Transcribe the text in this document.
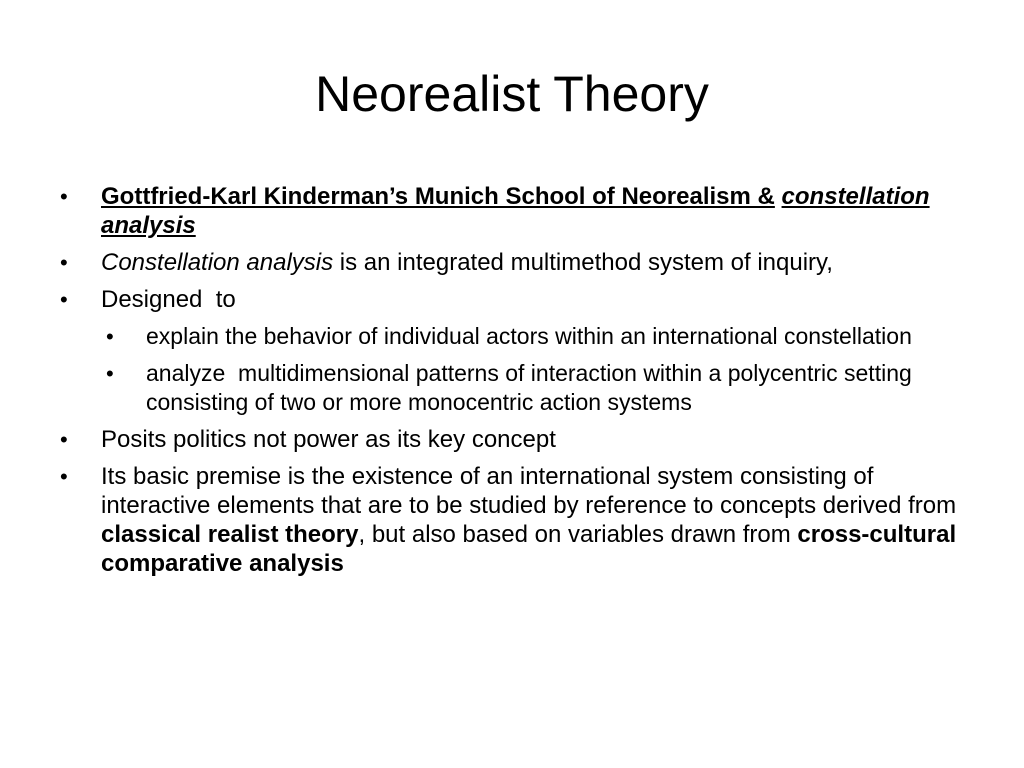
Neorealist Theory
• Gottfried-Karl Kinderman’s Munich School of Neorealism & constellation analysis
• Constellation analysis is an integrated multimethod system of inquiry,
• Designed  to
• explain the behavior of individual actors within an international constellation
• analyze  multidimensional patterns of interaction within a polycentric setting consisting of two or more monocentric action systems
• Posits politics not power as its key concept
• Its basic premise is the existence of an international system consisting of interactive elements that are to be studied by reference to concepts derived from classical realist theory, but also based on variables drawn from cross-cultural comparative analysis
